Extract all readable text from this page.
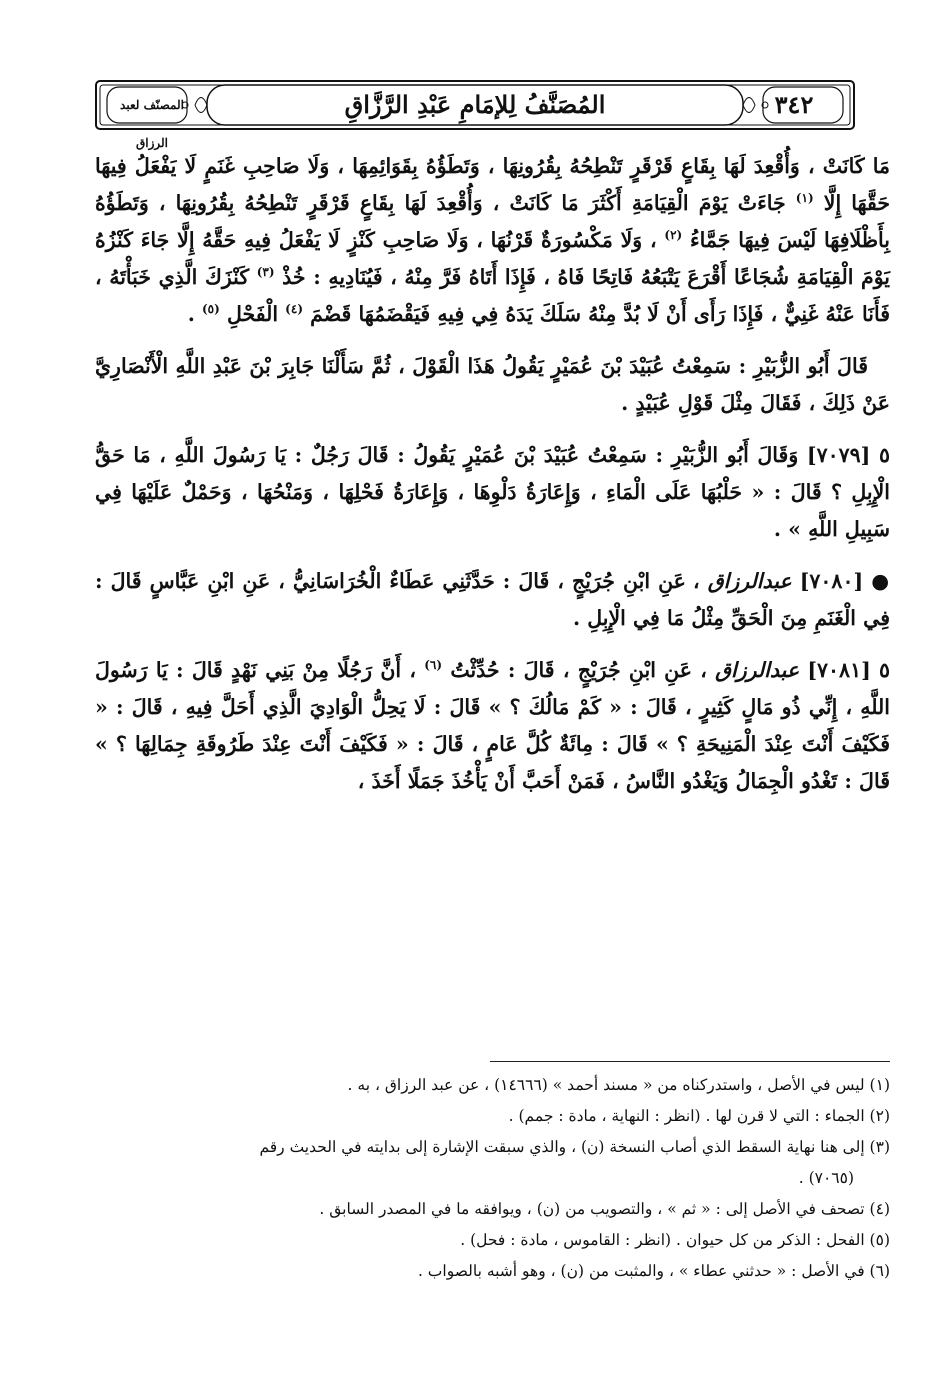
٣٤٢
المُصَنَّفُ لِلإمَامِ عَبْدِ الرَّزَّاقِ
المصنّف لعبد الرزاق

مَا كَانَتْ ، وَأُقْعِدَ لَهَا بِقَاعٍ قَرْقَرٍ تَنْطِحُهُ بِقُرُونِهَا ، وَتَطَؤُهُ بِقَوَائِمِهَا ، وَلَا صَاحِبِ غَنَمٍ لَا يَفْعَلُ فِيهَا حَقَّهَا إِلَّا $^{(١)}$ جَاءَتْ يَوْمَ الْقِيَامَةِ أَكْثَرَ مَا كَانَتْ ، وَأُقْعِدَ لَهَا بِقَاعٍ قَرْقَرٍ تَنْطِحُهُ بِقُرُونِهَا ، وَتَطَؤُهُ بِأَظْلَافِهَا لَيْسَ فِيهَا جَمَّاءُ $^{(٢)}$ ، وَلَا مَكْسُورَةٌ قَرْنُهَا ، وَلَا صَاحِبِ كَنْزٍ لَا يَفْعَلُ فِيهِ حَقَّهُ إِلَّا جَاءَ كَنْزُهُ يَوْمَ الْقِيَامَةِ شُجَاعًا أَقْرَعَ يَتْبَعُهُ فَاتِحًا فَاهُ ، فَإِذَا أَتَاهُ فَرَّ مِنْهُ ، فَيُنَادِيهِ : خُذْ $^{(٣)}$ كَنْزَكَ الَّذِي خَبَأْتَهُ ، فَأَنَا عَنْهُ غَنِيٌّ ، فَإِذَا رَأَى أَنْ لَا بُدَّ مِنْهُ سَلَكَ يَدَهُ فِي فِيهِ فَيَقْضَمُهَا قَضْمَ $^{(٤)}$ الْفَحْلِ $^{(٥)}$ .

قَالَ أَبُو الزُّبَيْرِ : سَمِعْتُ عُبَيْدَ بْنَ عُمَيْرٍ يَقُولُ هَذَا الْقَوْلَ ، ثُمَّ سَأَلْنَا جَابِرَ بْنَ عَبْدِ اللَّهِ الْأَنْصَارِيَّ عَنْ ذَلِكَ ، فَقَالَ مِثْلَ قَوْلِ عُبَيْدٍ .

٥ [٧٠٧٩] وَقَالَ أَبُو الزُّبَيْرِ : سَمِعْتُ عُبَيْدَ بْنَ عُمَيْرٍ يَقُولُ : قَالَ رَجُلٌ : يَا رَسُولَ اللَّهِ ، مَا حَقُّ الْإِبِلِ ؟ قَالَ : « حَلْبُهَا عَلَى الْمَاءِ ، وَإِعَارَةُ دَلْوِهَا ، وَإِعَارَةُ فَحْلِهَا ، وَمَنْحُهَا ، وَحَمْلٌ عَلَيْهَا فِي سَبِيلِ اللَّهِ » .

● [٧٠٨٠] عبدالرزاق ، عَنِ ابْنِ جُرَيْجٍ ، قَالَ : حَدَّثَنِي عَطَاءٌ الْخُرَاسَانِيُّ ، عَنِ ابْنِ عَبَّاسٍ قَالَ : فِي الْغَنَمِ مِنَ الْحَقِّ مِثْلُ مَا فِي الْإِبِلِ .

٥ [٧٠٨١] عبدالرزاق ، عَنِ ابْنِ جُرَيْجٍ ، قَالَ : حُدِّثْتُ $^{(٦)}$ ، أَنَّ رَجُلًا مِنْ بَنِي نَهْدٍ قَالَ : يَا رَسُولَ اللَّهِ ، إِنِّي ذُو مَالٍ كَثِيرٍ ، قَالَ : « كَمْ مَالُكَ ؟ » قَالَ : لَا يَحِلُّ الْوَادِيَ الَّذِي أَحَلَّ فِيهِ ، قَالَ : « فَكَيْفَ أَنْتَ عِنْدَ الْمَنِيحَةِ ؟ » قَالَ : مِائَةٌ كُلَّ عَامٍ ، قَالَ : « فَكَيْفَ أَنْتَ عِنْدَ طَرُوقَةِ جِمَالِهَا ؟ » قَالَ : تَغْدُو الْجِمَالُ وَيَغْدُو النَّاسُ ، فَمَنْ أَحَبَّ أَنْ يَأْخُذَ جَمَلًا أَخَذَ ،

(١) ليس في الأصل ، واستدركناه من « مسند أحمد » (١٤٦٦٦) ، عن عبد الرزاق ، به .

(٢) الجماء : التي لا قرن لها . (انظر : النهاية ، مادة : جمم) .

(٣) إلى هنا نهاية السقط الذي أصاب النسخة (ن) ، والذي سبقت الإشارة إلى بدايته في الحديث رقم

(٧٠٦٥) .

(٤) تصحف في الأصل إلى : « ثم » ، والتصويب من (ن) ، ويوافقه ما في المصدر السابق .

(٥) الفحل : الذكر من كل حيوان . (انظر : القاموس ، مادة : فحل) .

(٦) في الأصل : « حدثني عطاء » ، والمثبت من (ن) ، وهو أشبه بالصواب .
